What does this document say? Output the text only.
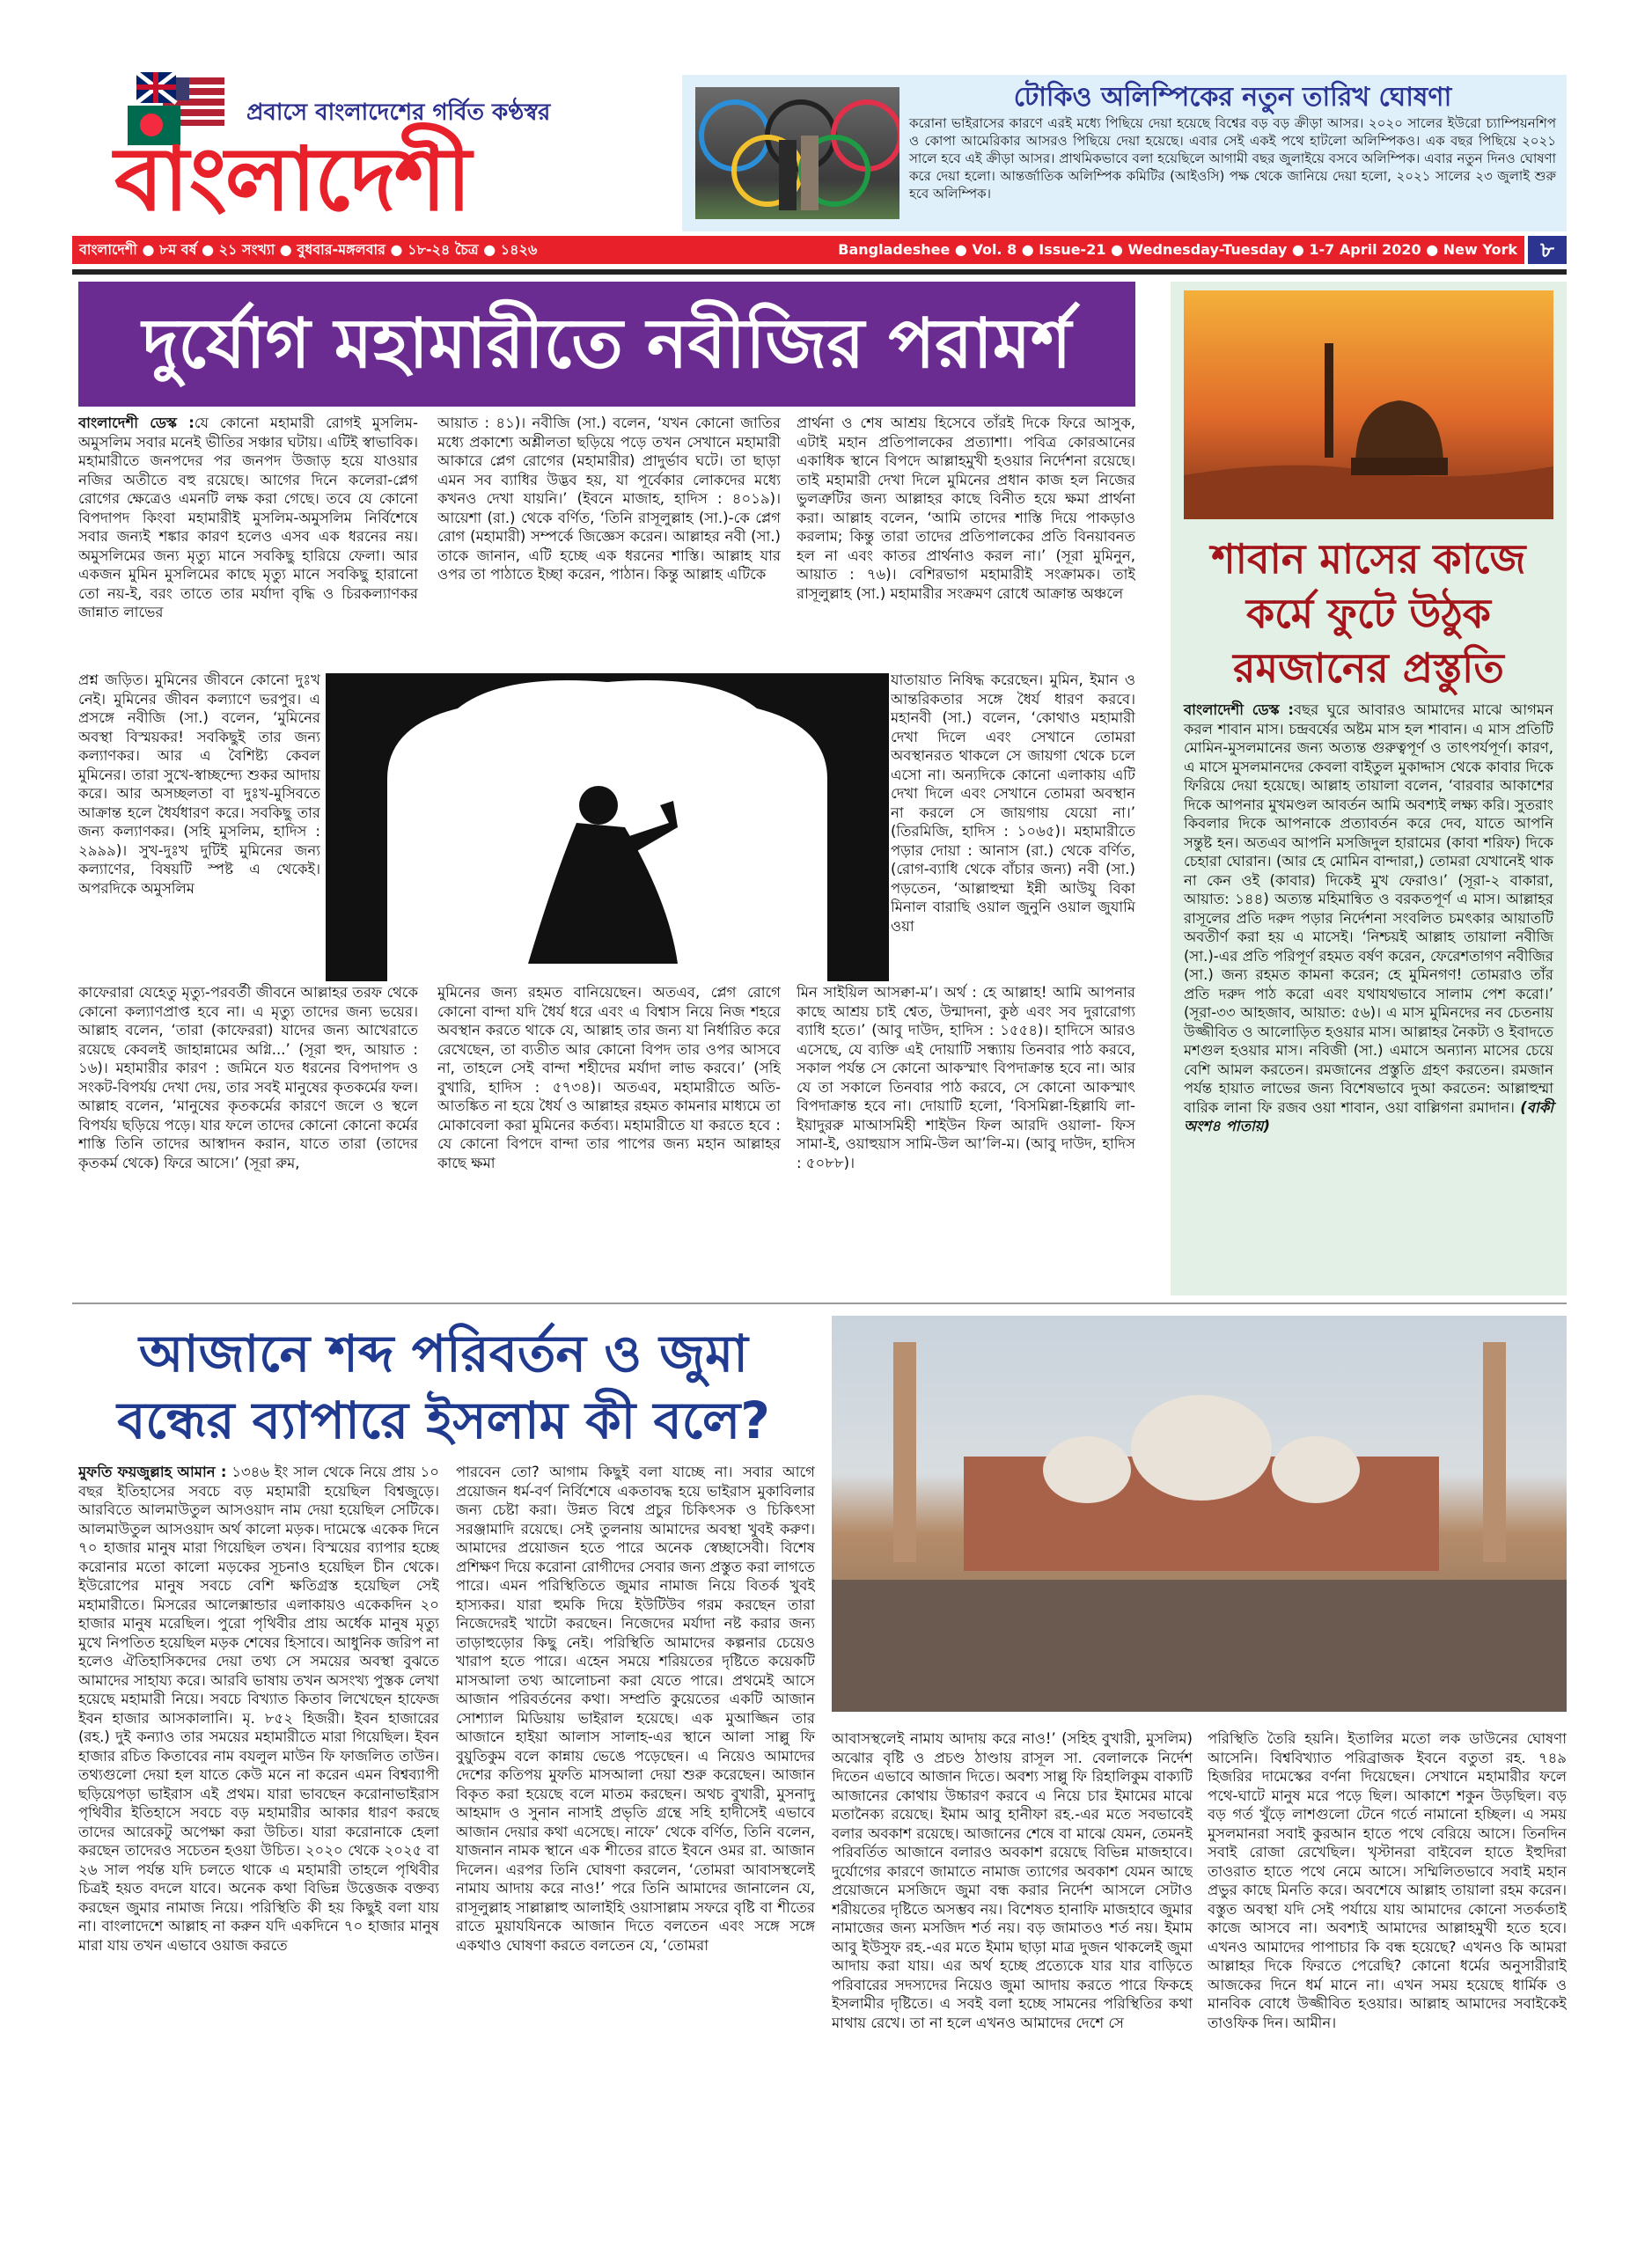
প্রবাসে বাংলাদেশের গর্বিত কণ্ঠস্বর
বাংলাদেশী
টোকিও অলিম্পিকের নতুন তারিখ ঘোষণা
করোনা ভাইরাসের কারণে এরই মধ্যে পিছিয়ে দেয়া হয়েছে বিশ্বের বড় বড় ক্রীড়া আসর। ২০২০ সালের ইউরো চ্যাম্পিয়নশিপ ও কোপা আমেরিকার আসরও পিছিয়ে দেয়া হয়েছে। এবার সেই একই পথে হাটলো অলিম্পিকও। এক বছর পিছিয়ে ২০২১ সালে হবে এই ক্রীড়া আসর। প্রাথমিকভাবে বলা হয়েছিলে আগামী বছর জুলাইয়ে বসবে অলিম্পিক। এবার নতুন দিনও ঘোষণা করে দেয়া হলো। আন্তর্জাতিক অলিম্পিক কমিটির (আইওসি) পক্ষ থেকে জানিয়ে দেয়া হলো, ২০২১ সালের ২৩ জুলাই শুরু হবে অলিম্পিক।
বাংলাদেশী ● ৮ম বর্ষ ● ২১ সংখ্যা ● বুধবার-মঙ্গলবার ● ১৮-২৪ চৈত্র ● ১৪২৬	Bangladeshee ● Vol. 8 ● Issue-21 ● Wednesday-Tuesday ● 1-7 April 2020 ● New York	৮
দুর্যোগ মহামারীতে নবীজির পরামর্শ
বাংলাদেশী ডেস্ক :যে কোনো মহামারী রোগই মুসলিম-অমুসলিম সবার মনেই ভীতির সঞ্চার ঘটায়। এটিই স্বাভাবিক। মহামারীতে জনপদের পর জনপদ উজাড় হয়ে যাওয়ার নজির অতীতে বহু রয়েছে। আগের দিনে কলেরা-প্লেগ রোগের ক্ষেত্রেও এমনটি লক্ষ করা গেছে। তবে যে কোনো বিপদাপদ কিংবা মহামারীই মুসলিম-অমুসলিম নির্বিশেষে সবার জন্যই শঙ্কার কারণ হলেও এসব এক ধরনের নয়। অমুসলিমের জন্য মৃত্যু মানে সবকিছু হারিয়ে ফেলা। আর একজন মুমিন মুসলিমের কাছে মৃত্যু মানে সবকিছু হারানো তো নয়-ই, বরং তাতে তার মর্যাদা বৃদ্ধি ও চিরকল্যাণকর জান্নাত লাভের
প্রশ্ন জড়িত। মুমিনের জীবনে কোনো দুঃখ নেই। মুমিনের জীবন কল্যাণে ভরপুর। এ প্রসঙ্গে নবীজি (সা.) বলেন, ‘মুমিনের অবস্থা বিস্ময়কর! সবকিছুই তার জন্য কল্যাণকর। আর এ বৈশিষ্ট্য কেবল মুমিনের। তারা সুখে-স্বাচ্ছন্দ্যে শুকর আদায় করে। আর অসচ্ছলতা বা দুঃখ-মুসিবতে আক্রান্ত হলে ধৈর্যধারণ করে। সবকিছু তার জন্য কল্যাণকর। (সহি মুসলিম, হাদিস : ২৯৯৯)। সুখ-দুঃখ দুটিই মুমিনের জন্য কল্যাণের, বিষয়টি স্পষ্ট এ থেকেই। অপরদিকে অমুসলিম
কাফেরারা যেহেতু মৃত্যু-পরবর্তী জীবনে আল্লাহর তরফ থেকে কোনো কল্যাণপ্রাপ্ত হবে না। এ মৃত্যু তাদের জন্য ভয়ের। আল্লাহ বলেন, ‘তারা (কাফেররা) যাদের জন্য আখেরাতে রয়েছে কেবলই জাহান্নামের অগ্নি...’ (সূরা হুদ, আয়াত : ১৬)। মহামারীর কারণ : জমিনে যত ধরনের বিপদাপদ ও সংকট-বিপর্যয় দেখা দেয়, তার সবই মানুষের কৃতকর্মের ফল। আল্লাহ বলেন, ‘মানুষের কৃতকর্মের কারণে জলে ও স্থলে বিপর্যয় ছড়িয়ে পড়ে। যার ফলে তাদের কোনো কোনো কর্মের শাস্তি তিনি তাদের আস্বাদন করান, যাতে তারা (তাদের কৃতকর্ম থেকে) ফিরে আসে।’ (সূরা রুম,
আয়াত : ৪১)। নবীজি (সা.) বলেন, ‘যখন কোনো জাতির মধ্যে প্রকাশ্যে অশ্লীলতা ছড়িয়ে পড়ে তখন সেখানে মহামারী আকারে প্লেগ রোগের (মহামারীর) প্রাদুর্ভাব ঘটে। তা ছাড়া এমন সব ব্যাধির উদ্ভব হয়, যা পূর্বেকার লোকদের মধ্যে কখনও দেখা যায়নি।’ (ইবনে মাজাহ, হাদিস : ৪০১৯)। আয়েশা (রা.) থেকে বর্ণিত, ‘তিনি রাসূলুল্লাহ (সা.)-কে প্লেগ রোগ (মহামারী) সম্পর্কে জিজ্ঞেস করেন। আল্লাহর নবী (সা.) তাকে জানান, এটি হচ্ছে এক ধরনের শাস্তি। আল্লাহ যার ওপর তা পাঠাতে ইচ্ছা করেন, পাঠান। কিন্তু আল্লাহ এটিকে
মুমিনের জন্য রহমত বানিয়েছেন। অতএব, প্লেগ রোগে কোনো বান্দা যদি ধৈর্য ধরে এবং এ বিশ্বাস নিয়ে নিজ শহরে অবস্থান করতে থাকে যে, আল্লাহ তার জন্য যা নির্ধারিত করে রেখেছেন, তা ব্যতীত আর কোনো বিপদ তার ওপর আসবে না, তাহলে সেই বান্দা শহীদের মর্যাদা লাভ করবে।’ (সহি বুখারি, হাদিস : ৫৭৩৪)। অতএব, মহামারীতে অতি-আতঙ্কিত না হয়ে ধৈর্য ও আল্লাহর রহমত কামনার মাধ্যমে তা মোকাবেলা করা মুমিনের কর্তব্য। মহামারীতে যা করতে হবে : যে কোনো বিপদে বান্দা তার পাপের জন্য মহান আল্লাহর কাছে ক্ষমা
প্রার্থনা ও শেষ আশ্রয় হিসেবে তাঁরই দিকে ফিরে আসুক, এটাই মহান প্রতিপালকের প্রত্যাশা। পবিত্র কোরআনের একাধিক স্থানে বিপদে আল্লাহমুখী হওয়ার নির্দেশনা রয়েছে। তাই মহামারী দেখা দিলে মুমিনের প্রধান কাজ হল নিজের ভুলত্রুটির জন্য আল্লাহর কাছে বিনীত হয়ে ক্ষমা প্রার্থনা করা। আল্লাহ বলেন, ‘আমি তাদের শাস্তি দিয়ে পাকড়াও করলাম; কিন্তু তারা তাদের প্রতিপালকের প্রতি বিনয়াবনত হল না এবং কাতর প্রার্থনাও করল না।’ (সূরা মুমিনুন, আয়াত : ৭৬)। বেশিরভাগ মহামারীই সংক্রামক। তাই রাসূলুল্লাহ (সা.) মহামারীর সংক্রমণ রোধে আক্রান্ত অঞ্চলে
যাতায়াত নিষিদ্ধ করেছেন। মুমিন, ইমান ও আন্তরিকতার সঙ্গে ধৈর্য ধারণ করবে। মহানবী (সা.) বলেন, ‘কোথাও মহামারী দেখা দিলে এবং সেখানে তোমরা অবস্থানরত থাকলে সে জায়গা থেকে চলে এসো না। অন্যদিকে কোনো এলাকায় এটি দেখা দিলে এবং সেখানে তোমরা অবস্থান না করলে সে জায়গায় যেয়ো না।’ (তিরমিজি, হাদিস : ১০৬৫)। মহামারীতে পড়ার দোয়া : আনাস (রা.) থেকে বর্ণিত, (রোগ-ব্যাধি থেকে বাঁচার জন্য) নবী (সা.) পড়তেন, ‘আল্লাহুম্মা ইন্নী আউযু বিকা মিনাল বারাছি ওয়াল জুনুনি ওয়াল জুযামি ওয়া
মিন সাইয়িল আসক্বা-ম’। অর্থ : হে আল্লাহ! আমি আপনার কাছে আশ্রয় চাই শ্বেত, উন্মাদনা, কুষ্ঠ এবং সব দুরারোগ্য ব্যাধি হতে।’ (আবু দাউদ, হাদিস : ১৫৫৪)। হাদিসে আরও এসেছে, যে ব্যক্তি এই দোয়াটি সন্ধ্যায় তিনবার পাঠ করবে, সকাল পর্যন্ত সে কোনো আকস্মাৎ বিপদাক্রান্ত হবে না। আর যে তা সকালে তিনবার পাঠ করবে, সে কোনো আকস্মাৎ বিপদাক্রান্ত হবে না। দোয়াটি হলো, ‘বিসমিল্লা-হিল্লাযি লা-ইয়াদুররু মাআসমিহী শাইউন ফিল আরদি ওয়ালা- ফিস সামা-ই, ওয়াহুয়াস সামি-উল আ’লি-ম। (আবু দাউদ, হাদিস : ৫০৮৮)।
শাবান মাসের কাজে কর্মে ফুটে উঠুক রমজানের প্রস্তুতি
বাংলাদেশী ডেস্ক :বছর ঘুরে আবারও আমাদের মাঝে আগমন করল শাবান মাস। চন্দ্রবর্ষের অষ্টম মাস হল শাবান। এ মাস প্রতিটি মোমিন-মুসলমানের জন্য অত্যন্ত গুরুত্বপূর্ণ ও তাৎপর্যপূর্ণ। কারণ, এ মাসে মুসলমানদের কেবলা বাইতুল মুকাদ্দাস থেকে কাবার দিকে ফিরিয়ে দেয়া হয়েছে। আল্লাহ তায়ালা বলেন, ‘বারবার আকাশের দিকে আপনার মুখমণ্ডল আবর্তন আমি অবশ্যই লক্ষ্য করি। সুতরাং কিবলার দিকে আপনাকে প্রত্যাবর্তন করে দেব, যাতে আপনি সন্তুষ্ট হন। অতএব আপনি মসজিদুল হারামের (কাবা শরিফ) দিকে চেহারা ঘোরান। (আর হে মোমিন বান্দারা,) তোমরা যেখানেই থাক না কেন ওই (কাবার) দিকেই মুখ ফেরাও।’ (সূরা-২ বাকারা, আয়াত: ১৪৪) অত্যন্ত মহিমান্বিত ও বরকতপূর্ণ এ মাস। আল্লাহর রাসূলের প্রতি দরুদ পড়ার নির্দেশনা সংবলিত চমৎকার আয়াতটি অবতীর্ণ করা হয় এ মাসেই। ‘নিশ্চয়ই আল্লাহ তায়ালা নবীজি (সা.)-এর প্রতি পরিপূর্ণ রহমত বর্ষণ করেন, ফেরেশতাগণ নবীজির (সা.) জন্য রহমত কামনা করেন; হে মুমিনগণ! তোমরাও তাঁর প্রতি দরুদ পাঠ করো এবং যথাযথভাবে সালাম পেশ করো।’ (সূরা-৩৩ আহজাব, আয়াত: ৫৬)। এ মাস মুমিনদের নব চেতনায় উজ্জীবিত ও আলোড়িত হওয়ার মাস। আল্লাহর নৈকট্য ও ইবাদতে মশগুল হওয়ার মাস। নবিজী (সা.) এমাসে অন্যান্য মাসের চেয়ে বেশি আমল করতেন। রমজানের প্রস্তুতি গ্রহণ করতেন। রমজান পর্যন্ত হায়াত লাভের জন্য বিশেষভাবে দুআ করতেন: আল্লাহুম্মা বারিক লানা ফি রজব ওয়া শাবান, ওয়া বাল্লিগনা রমাদান। (বাকী অংশ৪ পাতায়)
আজানে শব্দ পরিবর্তন ও জুমা বন্ধের ব্যাপারে ইসলাম কী বলে?
মুফতি ফয়জুল্লাহ আমান : ১৩৪৬ ইং সাল থেকে নিয়ে প্রায় ১০ বছর ইতিহাসের সবচে বড় মহামারী হয়েছিল বিশ্বজুড়ে। আরবিতে আলমাউতুল আসওয়াদ নাম দেয়া হয়েছিল সেটিকে। আলমাউতুল আসওয়াদ অর্থ কালো মড়ক। দামেস্কে একেক দিনে ৭০ হাজার মানুষ মারা গিয়েছিল তখন। বিস্ময়ের ব্যাপার হচ্ছে করোনার মতো কালো মড়কের সূচনাও হয়েছিল চীন থেকে। ইউরোপের মানুষ সবচে বেশি ক্ষতিগ্রস্ত হয়েছিল সেই মহামারীতে। মিসরের আলেক্সান্ডার এলাকায়ও একেকদিন ২০ হাজার মানুষ মরেছিল। পুরো পৃথিবীর প্রায় অর্ধেক মানুষ মৃত্যু মুখে নিপতিত হয়েছিল মড়ক শেষের হিসাবে। আধুনিক জরিপ না হলেও ঐতিহাসিকদের দেয়া তথ্য সে সময়ের অবস্থা বুঝতে আমাদের সাহায্য করে। আরবি ভাষায় তখন অসংখ্য পুস্তক লেখা হয়েছে মহামারী নিয়ে। সবচে বিখ্যাত কিতাব লিখেছেন হাফেজ ইবন হাজার আসকালানি। মৃ. ৮৫২ হিজরী। ইবন হাজারের (রহ.) দুই কন্যাও তার সময়ের মহামারীতে মারা গিয়েছিল। ইবন হাজার রচিত কিতাবের নাম বযলুল মাউন ফি ফাজলিত তাউন। তথ্যগুলো দেয়া হল যাতে কেউ মনে না করেন এমন বিশ্বব্যাপী ছড়িয়েপড়া ভাইরাস এই প্রথম। যারা ভাবছেন করোনাভাইরাস পৃথিবীর ইতিহাসে সবচে বড় মহামারীর আকার ধারণ করছে তাদের আরেকটু অপেক্ষা করা উচিত। যারা করোনাকে হেলা করছেন তাদেরও সচেতন হওয়া উচিত। ২০২০ থেকে ২০২৫ বা ২৬ সাল পর্যন্ত যদি চলতে থাকে এ মহামারী তাহলে পৃথিবীর চিত্রই হয়ত বদলে যাবে। অনেক কথা বিভিন্ন উত্তেজক বক্তব্য করছেন জুমার নামাজ নিয়ে। পরিস্থিতি কী হয় কিছুই বলা যায় না। বাংলাদেশে আল্লাহ না করুন যদি একদিনে ৭০ হাজার মানুষ মারা যায় তখন এভাবে ওয়াজ করতে
পারবেন তো? আগাম কিছুই বলা যাচ্ছে না। সবার আগে প্রয়োজন ধর্ম-বর্ণ নির্বিশেষে একতাবদ্ধ হয়ে ভাইরাস মুকাবিলার জন্য চেষ্টা করা। উন্নত বিশ্বে প্রচুর চিকিৎসক ও চিকিৎসা সরঞ্জামাদি রয়েছে। সেই তুলনায় আমাদের অবস্থা খুবই করুণ। আমাদের প্রয়োজন হতে পারে অনেক স্বেচ্ছাসেবী। বিশেষ প্রশিক্ষণ দিয়ে করোনা রোগীদের সেবার জন্য প্রস্তুত করা লাগতে পারে। এমন পরিস্থিতিতে জুমার নামাজ নিয়ে বিতর্ক খুবই হাস্যকর। যারা হুমকি দিয়ে ইউটিউব গরম করছেন তারা নিজেদেরই খাটো করছেন। নিজেদের মর্যাদা নষ্ট করার জন্য তাড়াহুড়োর কিছু নেই। পরিস্থিতি আমাদের কল্পনার চেয়েও খারাপ হতে পারে। এহেন সময়ে শরিয়তের দৃষ্টিতে কয়েকটি মাসআলা তথ্য আলোচনা করা যেতে পারে। প্রথমেই আসে আজান পরিবর্তনের কথা। সম্প্রতি কুয়েতের একটি আজান সোশ্যাল মিডিয়ায় ভাইরাল হয়েছে। এক মুআজ্জিন তার আজানে হাইয়া আলাস সালাহ-এর স্থানে আলা সাল্লু ফি বুয়ুতিকুম বলে কান্নায় ভেঙে পড়েছেন। এ নিয়েও আমাদের দেশের কতিপয় মুফতি মাসআলা দেয়া শুরু করেছেন। আজান বিকৃত করা হয়েছে বলে মাতম করছেন। অথচ বুখারী, মুসনাদু আহমাদ ও সুনান নাসাই প্রভৃতি গ্রন্থে সহি হাদীসেই এভাবে আজান দেয়ার কথা এসেছে। নাফে’ থেকে বর্ণিত, তিনি বলেন, যাজনান নামক স্থানে এক শীতের রাতে ইবনে ওমর রা. আজান দিলেন। এরপর তিনি ঘোষণা করলেন, ‘তোমরা আবাসস্থলেই নামায আদায় করে নাও!’ পরে তিনি আমাদের জানালেন যে, রাসূলুল্লাহ সাল্লাল্লাহু আলাইহি ওয়াসাল্লাম সফরে বৃষ্টি বা শীতের রাতে মুয়াযযিনকে আজান দিতে বলতেন এবং সঙ্গে সঙ্গে একথাও ঘোষণা করতে বলতেন যে, ‘তোমরা
আবাসস্থলেই নামায আদায় করে নাও!’ (সহিহ বুখারী, মুসলিম) অঝোর বৃষ্টি ও প্রচণ্ড ঠাণ্ডায় রাসূল সা. বেলালকে নির্দেশ দিতেন এভাবে আজান দিতে। অবশ্য সাল্লু ফি রিহালিকুম বাক্যটি আজানের কোথায় উচ্চারণ করবে এ নিয়ে চার ইমামের মাঝে মতানৈক্য রয়েছে। ইমাম আবু হানীফা রহ.-এর মতে সবভাবেই বলার অবকাশ রয়েছে। আজানের শেষে বা মাঝে যেমন, তেমনই পরিবর্তিত আজানে বলারও অবকাশ রয়েছে বিভিন্ন মাজহাবে। দুর্যোগের কারণে জামাতে নামাজ ত্যাগের অবকাশ যেমন আছে প্রয়োজনে মসজিদে জুমা বন্ধ করার নির্দেশ আসলে সেটাও শরীয়তের দৃষ্টিতে অসম্ভব নয়। বিশেষত হানাফি মাজহাবে জুমার নামাজের জন্য মসজিদ শর্ত নয়। বড় জামাতও শর্ত নয়। ইমাম আবু ইউসুফ রহ.-এর মতে ইমাম ছাড়া মাত্র দুজন থাকলেই জুমা আদায় করা যায়। এর অর্থ হচ্ছে প্রত্যেকে যার যার বাড়িতে পরিবারের সদস্যদের নিয়েও জুমা আদায় করতে পারে ফিকহে ইসলামীর দৃষ্টিতে। এ সবই বলা হচ্ছে সামনের পরিস্থিতির কথা মাথায় রেখে। তা না হলে এখনও আমাদের দেশে সে
পরিস্থিতি তৈরি হয়নি। ইতালির মতো লক ডাউনের ঘোষণা আসেনি। বিশ্ববিখ্যাত পরিব্রাজক ইবনে বতুতা রহ. ৭৪৯ হিজরির দামেস্কের বর্ণনা দিয়েছেন। সেখানে মহামারীর ফলে পথে-ঘাটে মানুষ মরে পড়ে ছিল। আকাশে শকুন উড়ছিল। বড় বড় গর্ত খুঁড়ে লাশগুলো টেনে গর্তে নামানো হচ্ছিল। এ সময় মুসলমানরা সবাই কুরআন হাতে পথে বেরিয়ে আসে। তিনদিন সবাই রোজা রেখেছিল। খৃস্টানরা বাইবেল হাতে ইহুদিরা তাওরাত হাতে পথে নেমে আসে। সম্মিলিতভাবে সবাই মহান প্রভুর কাছে মিনতি করে। অবশেষে আল্লাহ তায়ালা রহম করেন। বস্তুত অবস্থা যদি সেই পর্যায়ে যায় আমাদের কোনো সতর্কতাই কাজে আসবে না। অবশ্যই আমাদের আল্লাহমুখী হতে হবে। এখনও আমাদের পাপাচার কি বন্ধ হয়েছে? এখনও কি আমরা আল্লাহর দিকে ফিরতে পেরেছি? কোনো ধর্মের অনুসারীরাই আজকের দিনে ধর্ম মানে না। এখন সময় হয়েছে ধার্মিক ও মানবিক বোধে উজ্জীবিত হওয়ার। আল্লাহ আমাদের সবাইকেই তাওফিক দিন। আমীন।
